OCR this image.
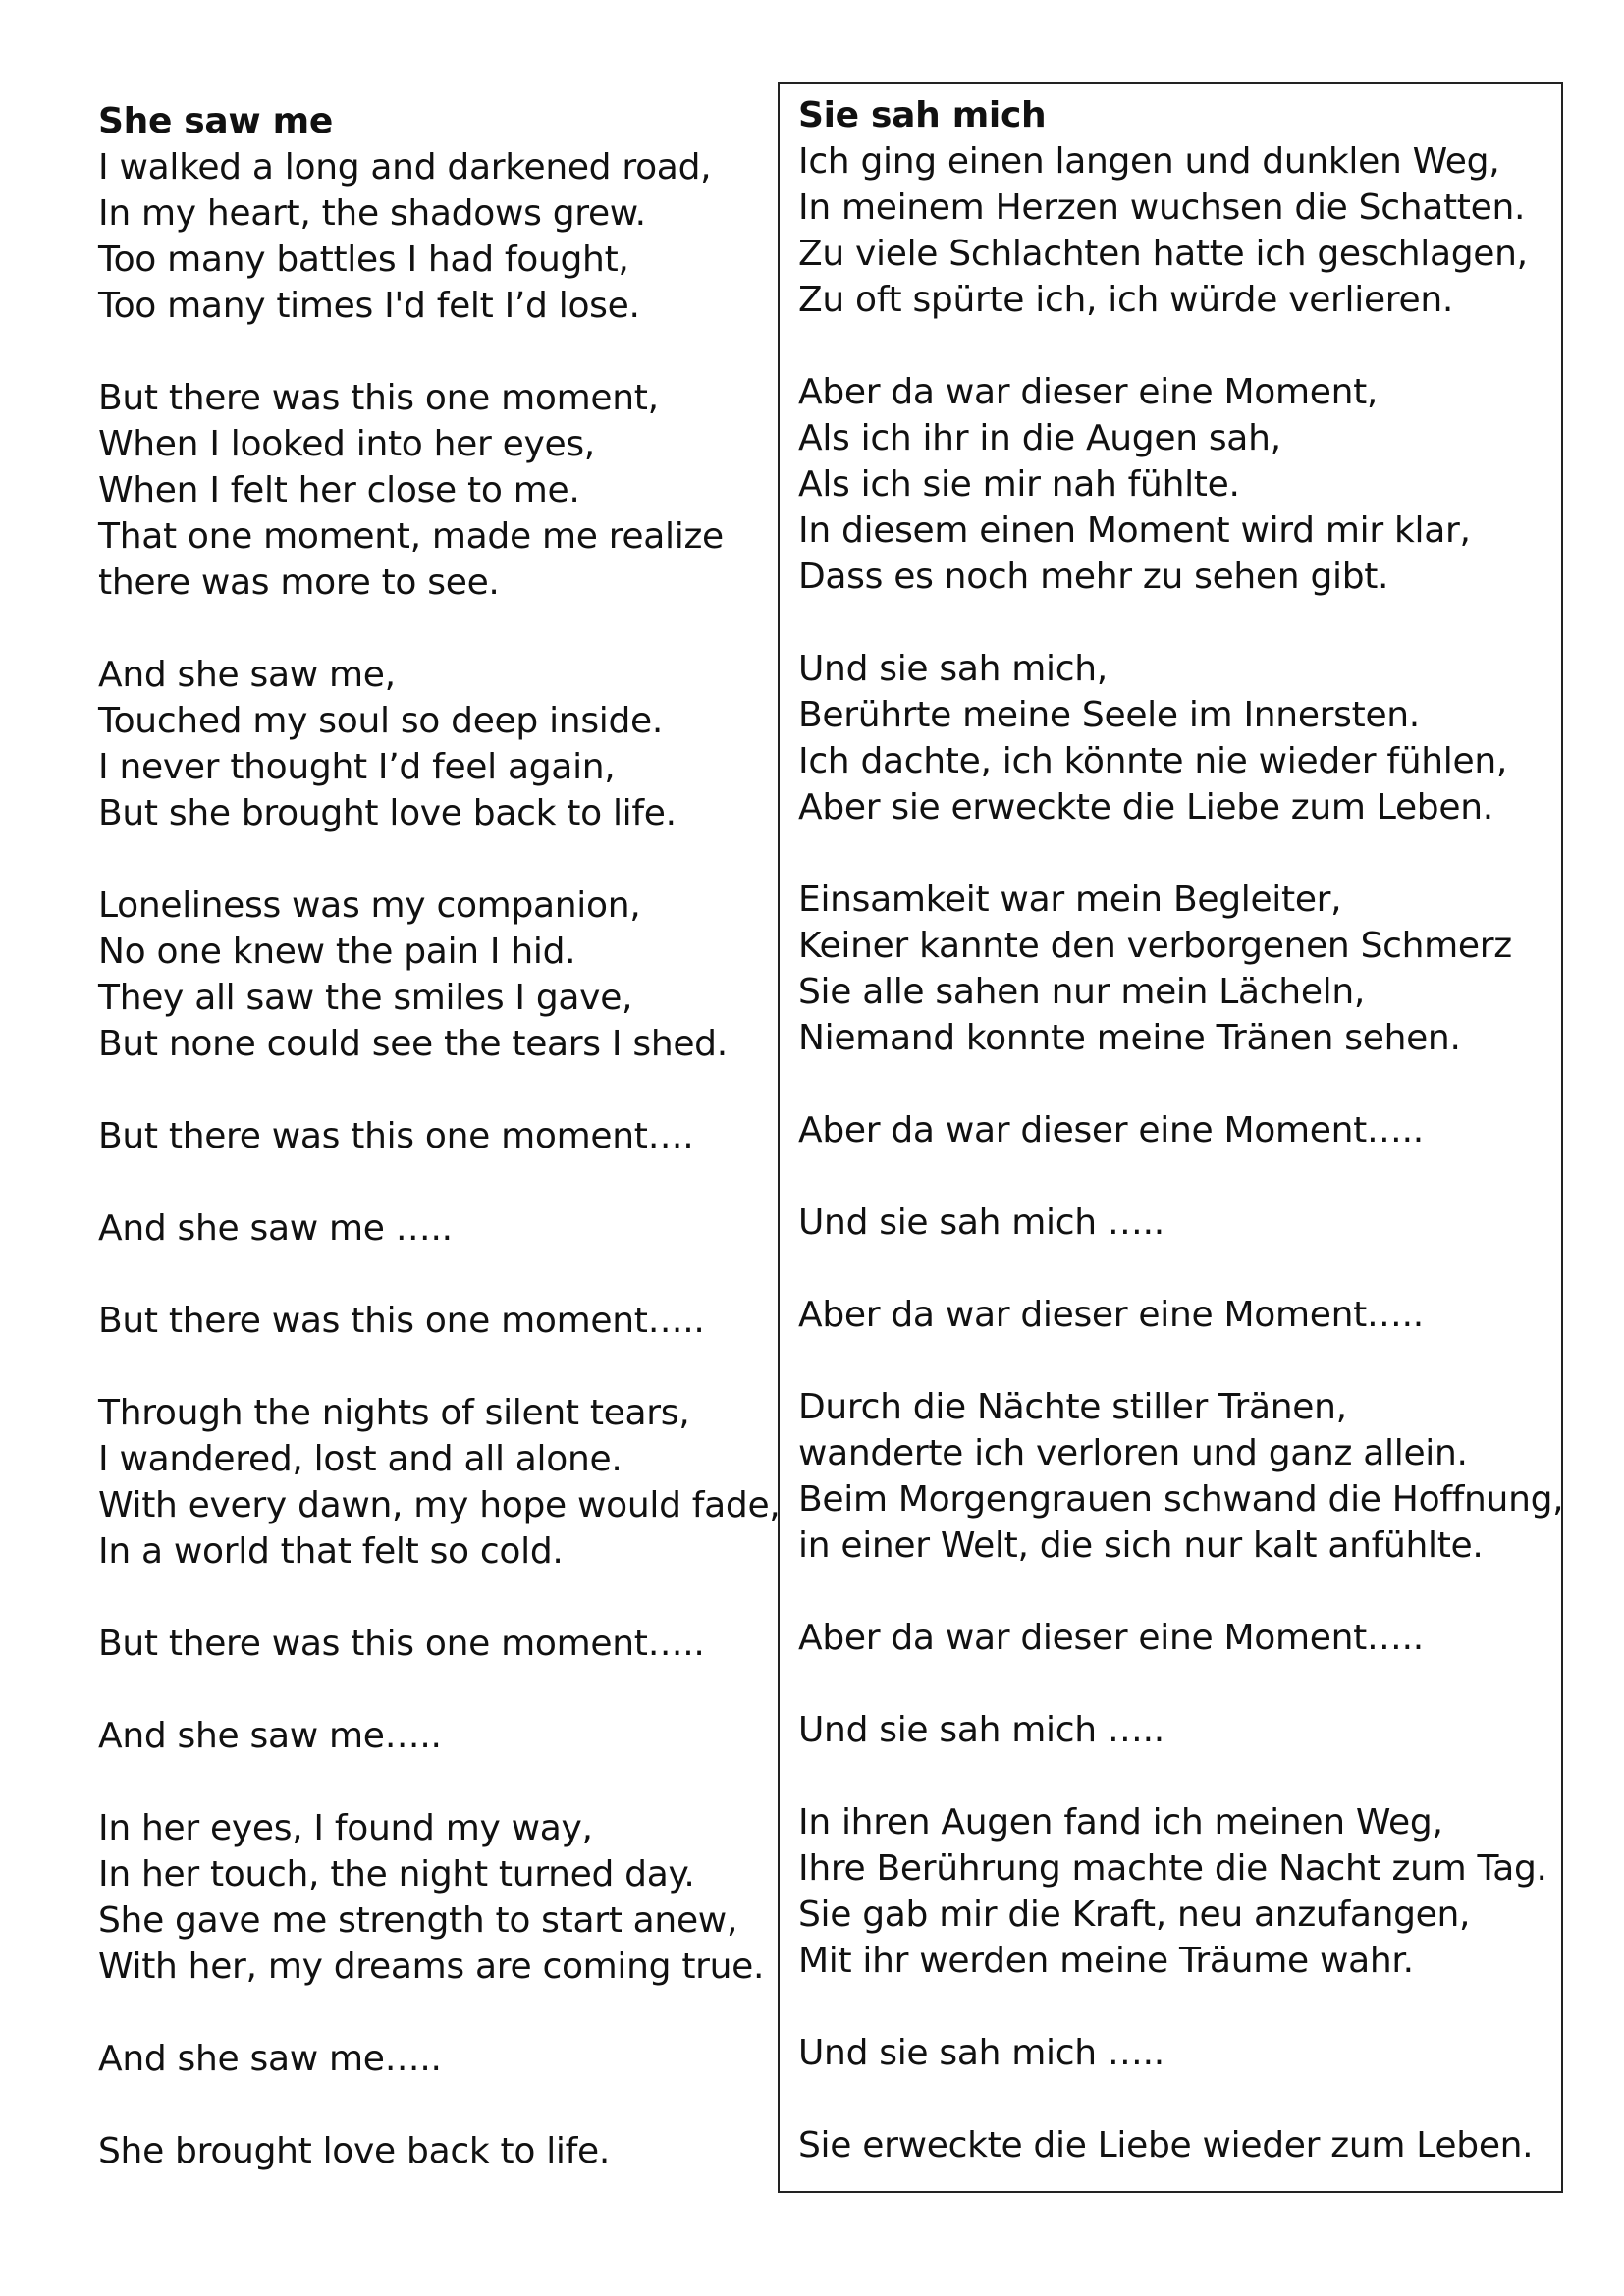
She saw me

I walked a long and darkened road,

In my heart, the shadows grew.

Too many battles I had fought,

Too many times I'd felt I’d lose.

But there was this one moment,

When I looked into her eyes,

When I felt her close to me.

That one moment, made me realize

there was more to see.

And she saw me,

Touched my soul so deep inside.

I never thought I’d feel again,

But she brought love back to life.

Loneliness was my companion,

No one knew the pain I hid.

They all saw the smiles I gave,

But none could see the tears I shed.

But there was this one moment….

And she saw me …..

But there was this one moment…..

Through the nights of silent tears,

I wandered, lost and all alone.

With every dawn, my hope would fade,

In a world that felt so cold.

But there was this one moment…..

And she saw me…..

In her eyes, I found my way,

In her touch, the night turned day.

She gave me strength to start anew,

With her, my dreams are coming true.

And she saw me…..

She brought love back to life.

Sie sah mich

Ich ging einen langen und dunklen Weg,

In meinem Herzen wuchsen die Schatten.

Zu viele Schlachten hatte ich geschlagen,

Zu oft spürte ich, ich würde verlieren.

Aber da war dieser eine Moment,

Als ich ihr in die Augen sah,

Als ich sie mir nah fühlte.

In diesem einen Moment wird mir klar,

Dass es noch mehr zu sehen gibt.

Und sie sah mich,

Berührte meine Seele im Innersten.

Ich dachte, ich könnte nie wieder fühlen,

Aber sie erweckte die Liebe zum Leben.

Einsamkeit war mein Begleiter,

Keiner kannte den verborgenen Schmerz

Sie alle sahen nur mein Lächeln,

Niemand konnte meine Tränen sehen.

Aber da war dieser eine Moment…..

Und sie sah mich …..

Aber da war dieser eine Moment…..

Durch die Nächte stiller Tränen,

wanderte ich verloren und ganz allein.

Beim Morgengrauen schwand die Hoffnung,

in einer Welt, die sich nur kalt anfühlte.

Aber da war dieser eine Moment…..

Und sie sah mich …..

In ihren Augen fand ich meinen Weg,

Ihre Berührung machte die Nacht zum Tag.

Sie gab mir die Kraft, neu anzufangen,

Mit ihr werden meine Träume wahr.

Und sie sah mich …..

Sie erweckte die Liebe wieder zum Leben.
